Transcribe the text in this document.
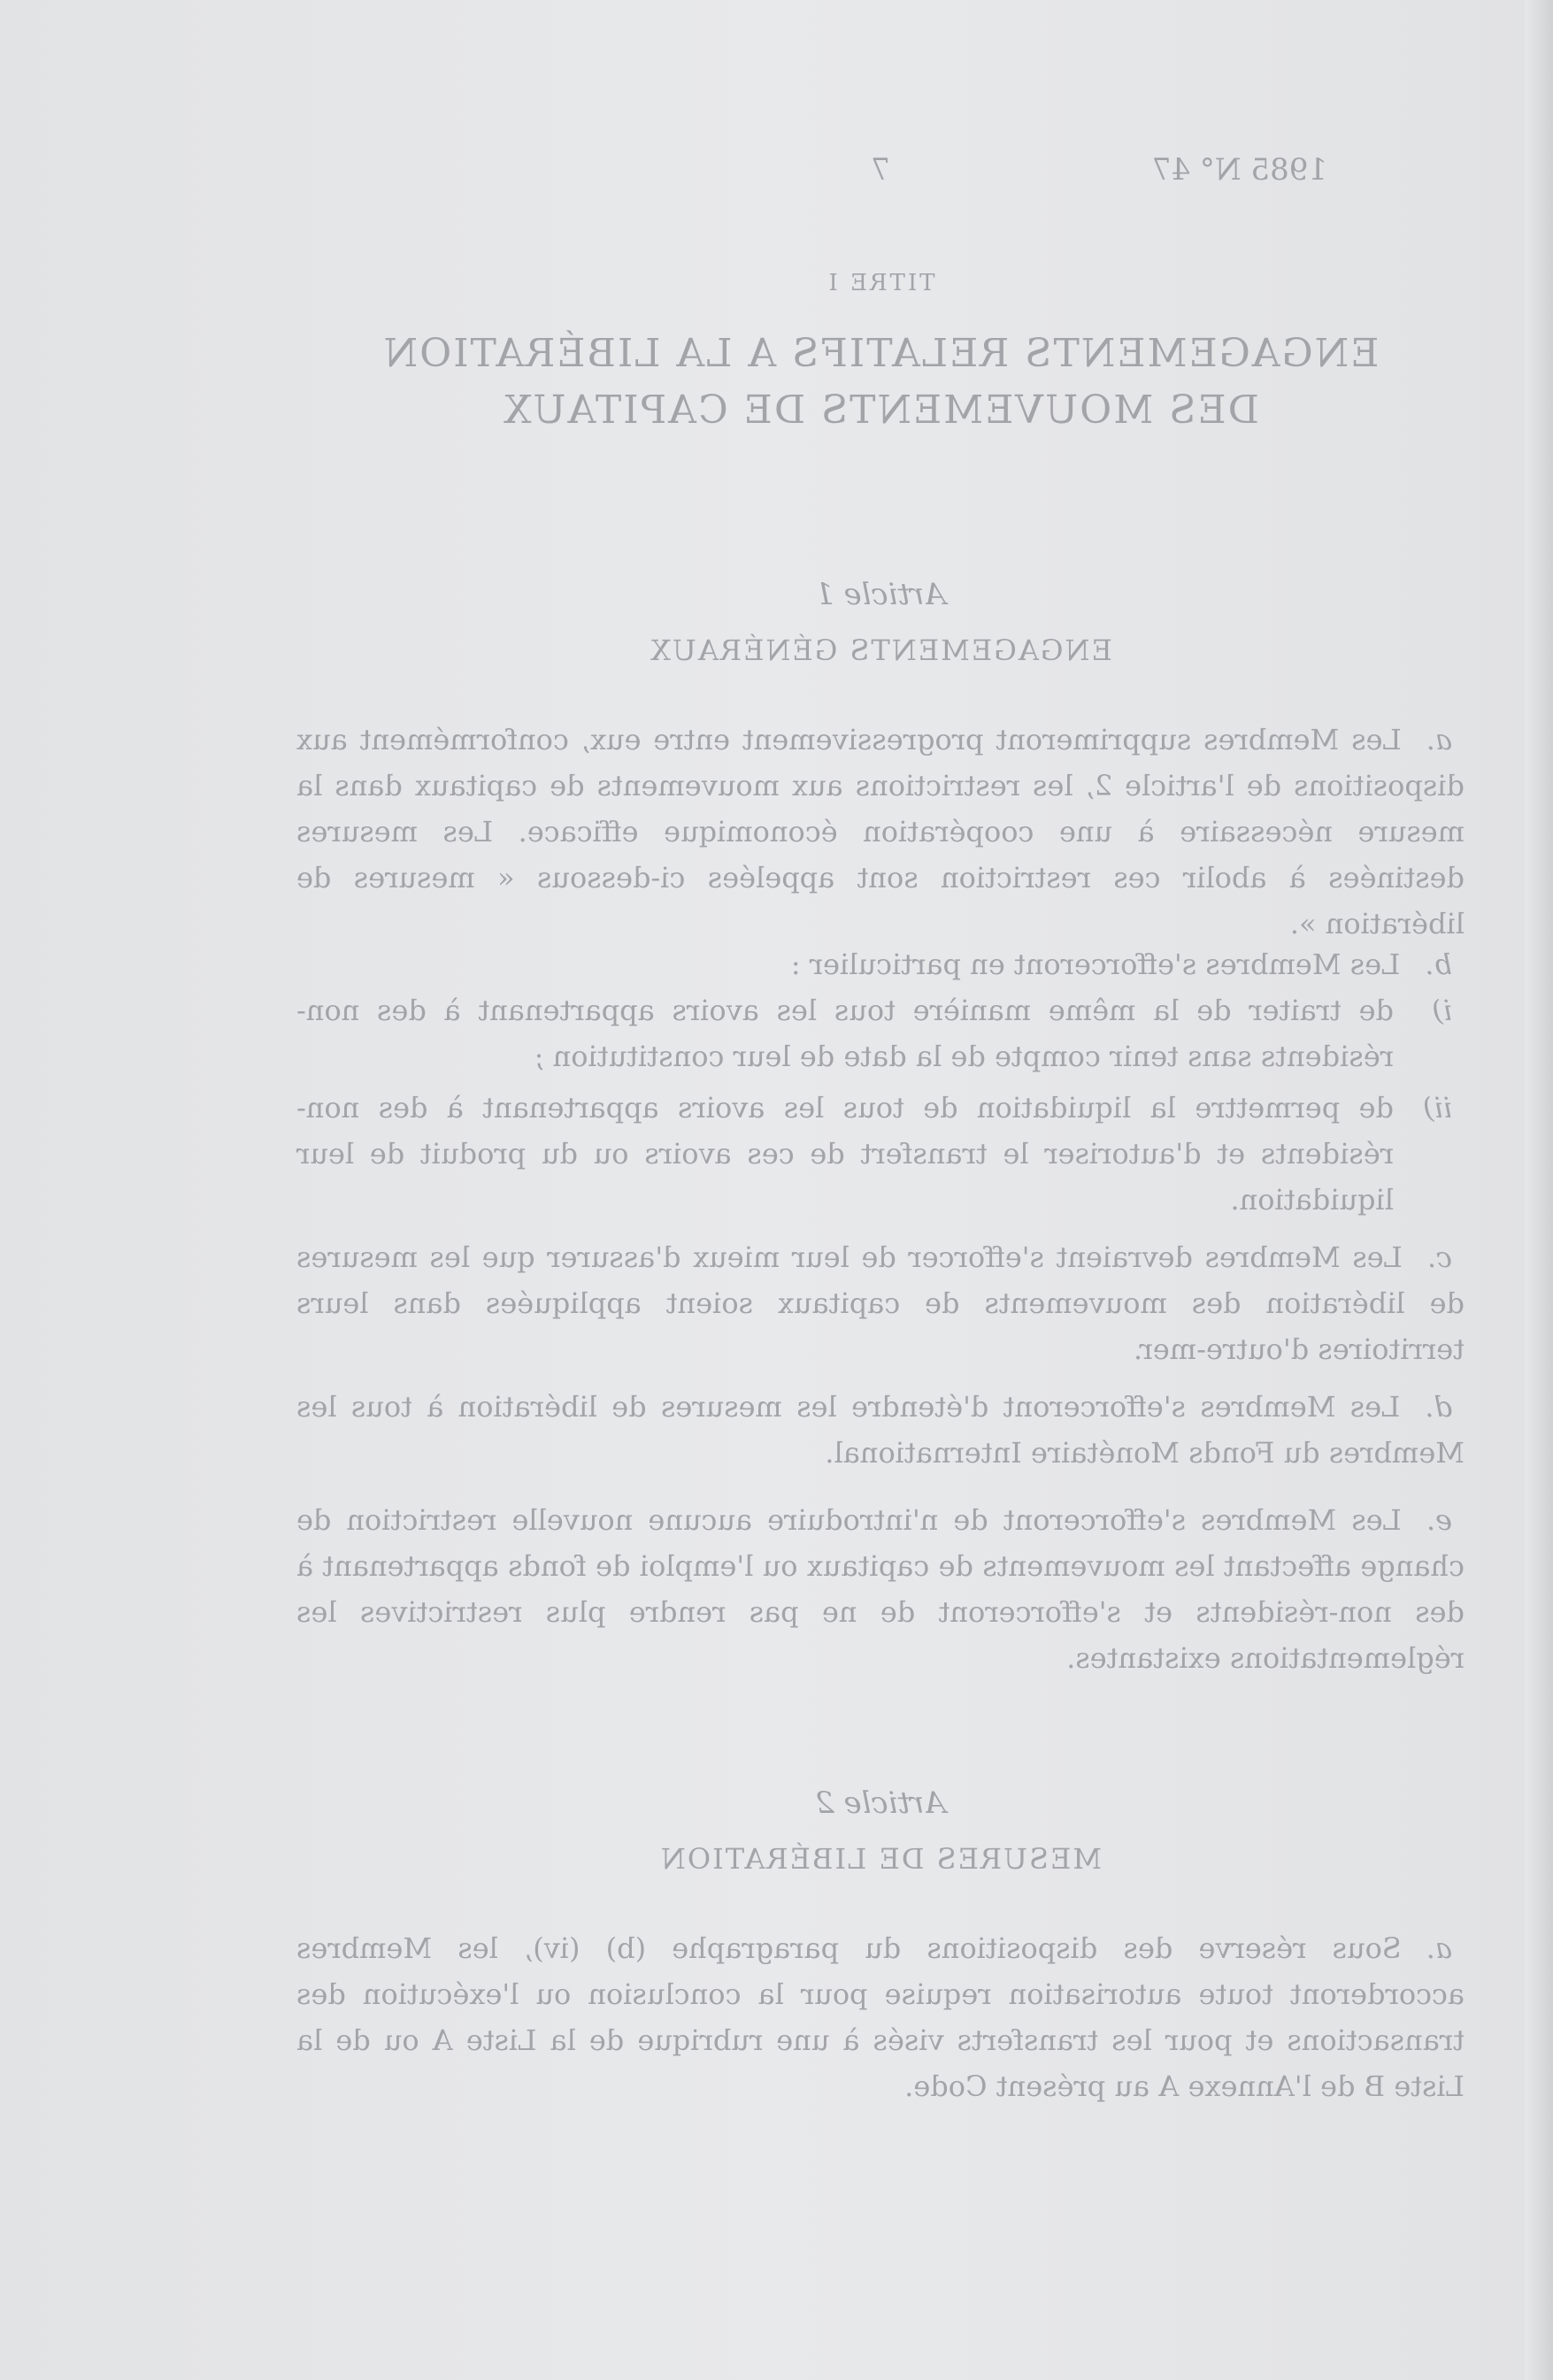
1985 N° 47
7
TITRE I
ENGAGEMENTS RELATIFS A LA LIBÉRATION
DES MOUVEMENTS DE CAPITAUX
Article 1
ENGAGEMENTS GÉNÉRAUX
a.Les Membres supprimeront progressivement entre eux, conformément aux dispositions de l'article 2, les restrictions aux mouvements de capitaux dans la mesure nécessaire à une coopération économique efficace. Les mesures destinées à abolir ces restriction sont appelées ci-dessous « mesures de libération ».
b.Les Membres s'efforceront en particulier :
i)
de traiter de la même manière tous les avoirs appartenant à des non-résidents sans tenir compte de la date de leur constitution ;
ii)
de permettre la liquidation de tous les avoirs appartenant à des non-résidents et d'autoriser le transfert de ces avoirs ou du produit de leur liquidation.
c.Les Membres devraient s'efforcer de leur mieux d'assurer que les mesures de libération des mouvements de capitaux soient appliquées dans leurs territoires d'outre-mer.
d.Les Membres s'efforceront d'étendre les mesures de libération à tous les Membres du Fonds Monétaire International.
e.Les Membres s'efforceront de n'introduire aucune nouvelle restriction de change affectant les mouvements de capitaux ou l'emploi de fonds appartenant à des non-résidents et s'efforceront de ne pas rendre plus restrictives les réglementations existantes.
Article 2
MESURES DE LIBÉRATION
a.Sous réserve des dispositions du paragraphe (b) (iv), les Membres accorderont toute autorisation requise pour la conclusion ou l'exécution des transactions et pour les transferts visés à une rubrique de la Liste A ou de la Liste B de l'Annexe A au présent Code.
